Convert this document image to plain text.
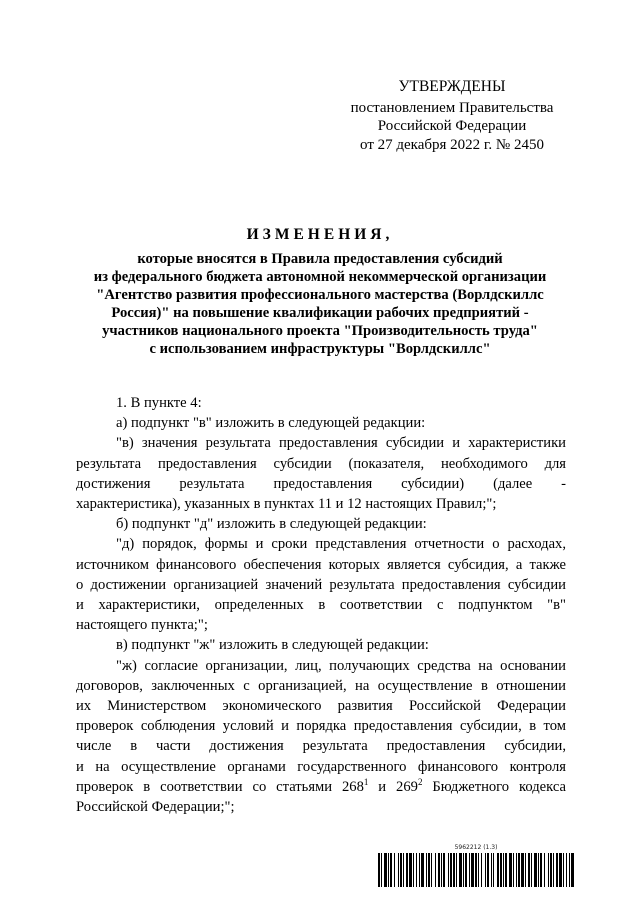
УТВЕРЖДЕНЫ
постановлением Правительства
Российской Федерации
от 27 декабря 2022 г. № 2450
ИЗМЕНЕНИЯ,
которые вносятся в Правила предоставления субсидий
из федерального бюджета автономной некоммерческой организации
"Агентство развития профессионального мастерства (Ворлдскиллс
Россия)" на повышение квалификации рабочих предприятий -
участников национального проекта "Производительность труда"
с использованием инфраструктуры "Ворлдскиллс"
1. В пункте 4:
а) подпункт "в" изложить в следующей редакции:
"в) значения результата предоставления субсидии и характеристики
результата предоставления субсидии (показателя, необходимого для
достижения результата предоставления субсидии) (далее -
характеристика), указанных в пунктах 11 и 12 настоящих Правил;";
б) подпункт "д" изложить в следующей редакции:
"д) порядок, формы и сроки представления отчетности о расходах,
источником финансового обеспечения которых является субсидия, а также
о достижении организацией значений результата предоставления субсидии
и характеристики, определенных в соответствии с подпунктом "в"
настоящего пункта;";
в) подпункт "ж" изложить в следующей редакции:
"ж) согласие организации, лиц, получающих средства на основании
договоров, заключенных с организацией, на осуществление в отношении
их Министерством экономического развития Российской Федерации
проверок соблюдения условий и порядка предоставления субсидии, в том
числе в части достижения результата предоставления субсидии,
и на осуществление органами государственного финансового контроля
проверок в соответствии со статьями $268^1$ и $269^2$ Бюджетного кодекса
Российской Федерации;";
5962212 (1.3)
